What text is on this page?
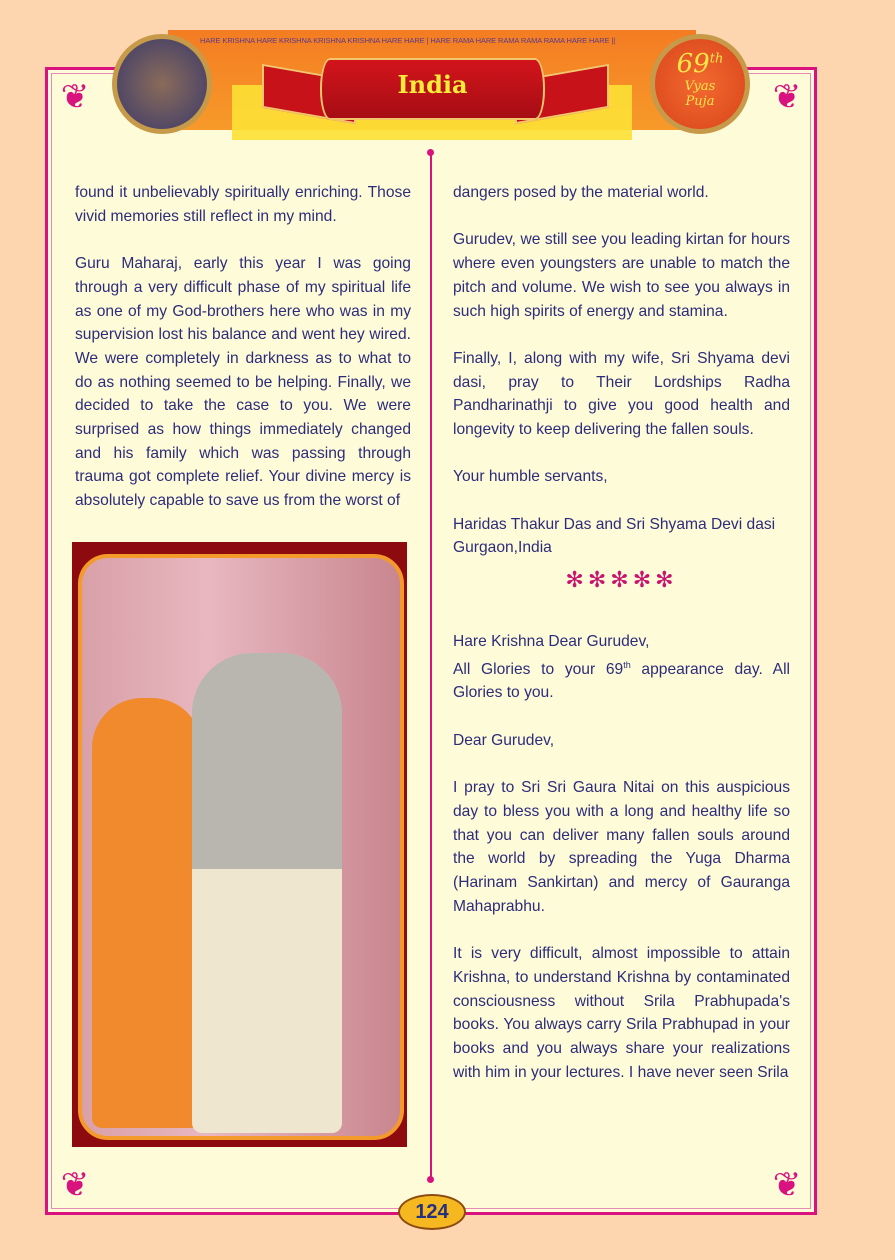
❦	❦
❦	❦
HARE KRISHNA HARE KRISHNA KRISHNA KRISHNA HARE HARE | HARE RAMA HARE RAMA RAMA RAMA HARE HARE ||
India
69th
Vyas
Puja

found it unbelievably spiritually enriching. Those vivid memories still reflect in my mind.

Guru Maharaj, early this year I was going through a very difficult phase of my spiritual life as one of my God-brothers here who was in my supervision lost his balance and went hey wired. We were completely in darkness as to what to do as nothing seemed to be helping. Finally, we decided to take the case to you. We were surprised as how things immediately changed and his family which was passing through trauma got complete relief. Your divine mercy is absolutely capable to save us from the worst of

dangers posed by the material world.

Gurudev, we still see you leading kirtan for hours where even youngsters are unable to match the pitch and volume. We wish to see you always in such high spirits of energy and stamina.

Finally, I, along with my wife, Sri Shyama devi dasi, pray to Their Lordships Radha Pandharinathji to give you good health and longevity to keep delivering the fallen souls.

Your humble servants,

Haridas Thakur Das and Sri Shyama Devi dasi

Gurgaon,India

✻✻✻✻✻

Hare Krishna Dear Gurudev,

All Glories to your 69th appearance day. All Glories to you.

Dear Gurudev,

I pray to Sri Sri Gaura Nitai on this auspicious day to bless you with a long and healthy life so that you can deliver many fallen souls around the world by spreading the Yuga Dharma (Harinam Sankirtan) and mercy of Gauranga Mahaprabhu.

It is very difficult, almost impossible to attain Krishna, to understand Krishna by contaminated consciousness without Srila Prabhupada's books. You always carry Srila Prabhupad in your books and you always share your realizations with him in your lectures. I have never seen Srila

124
